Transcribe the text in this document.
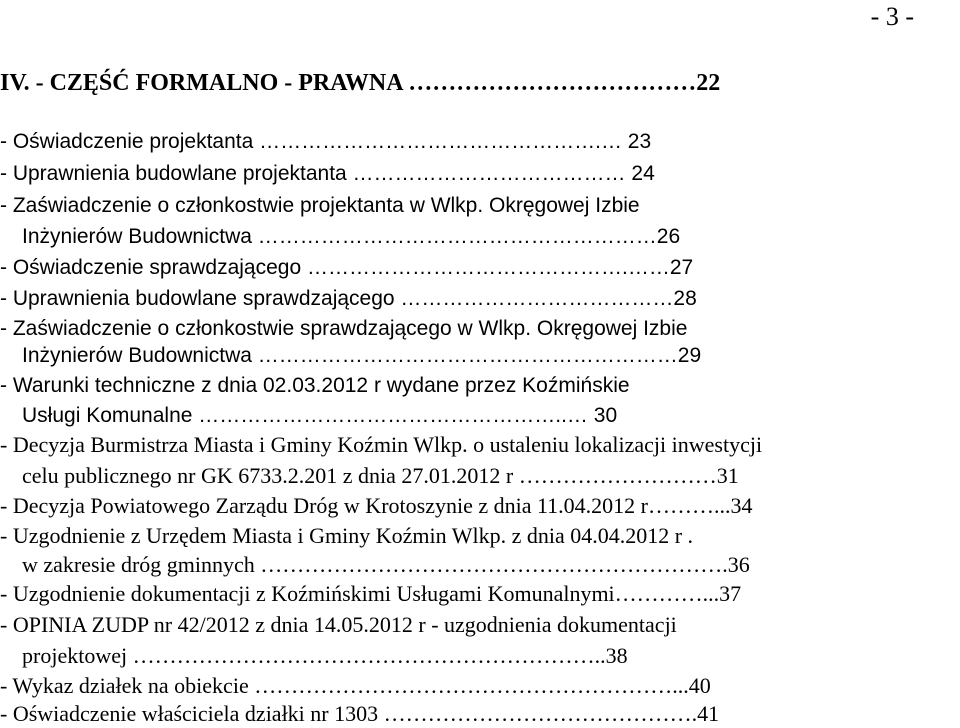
- 3 -
IV. - CZĘŚĆ FORMALNO - PRAWNA ………………………………22
- Oświadczenie projektanta ………………………………………….… 23
- Uprawnienia budowlane projektanta ………………………………… 24
- Zaświadczenie o członkostwie projektanta w Wlkp. Okręgowej Izbie
Inżynierów Budownictwa …………………………………………………26
- Oświadczenie sprawdzającego ……………………………………….……27
- Uprawnienia budowlane sprawdzającego …………………………………28
- Zaświadczenie o członkostwie sprawdzającego w Wlkp. Okręgowej Izbie
Inżynierów Budownictwa ……………………………………………………29
- Warunki techniczne z dnia 02.03.2012 r wydane przez Koźmińskie
Usługi Komunalne ……………………………………………..… 30
- Decyzja Burmistrza Miasta i Gminy Koźmin Wlkp. o ustaleniu lokalizacji inwestycji
celu publicznego nr GK 6733.2.201 z dnia 27.01.2012 r ………………………31
- Decyzja Powiatowego Zarządu Dróg w Krotoszynie z dnia 11.04.2012 r………...34
- Uzgodnienie z Urzędem Miasta i Gminy Koźmin Wlkp. z dnia 04.04.2012 r .
w zakresie dróg gminnych ……………………………………………………….36
- Uzgodnienie dokumentacji z Koźmińskimi Usługami Komunalnymi…………...37
- OPINIA ZUDP nr 42/2012 z dnia 14.05.2012 r - uzgodnienia dokumentacji
projektowej ………………………………………………………..38
- Wykaz działek na obiekcie …………………………………………………...40
- Oświadczenie właściciela działki nr 1303 …………………………………….41
